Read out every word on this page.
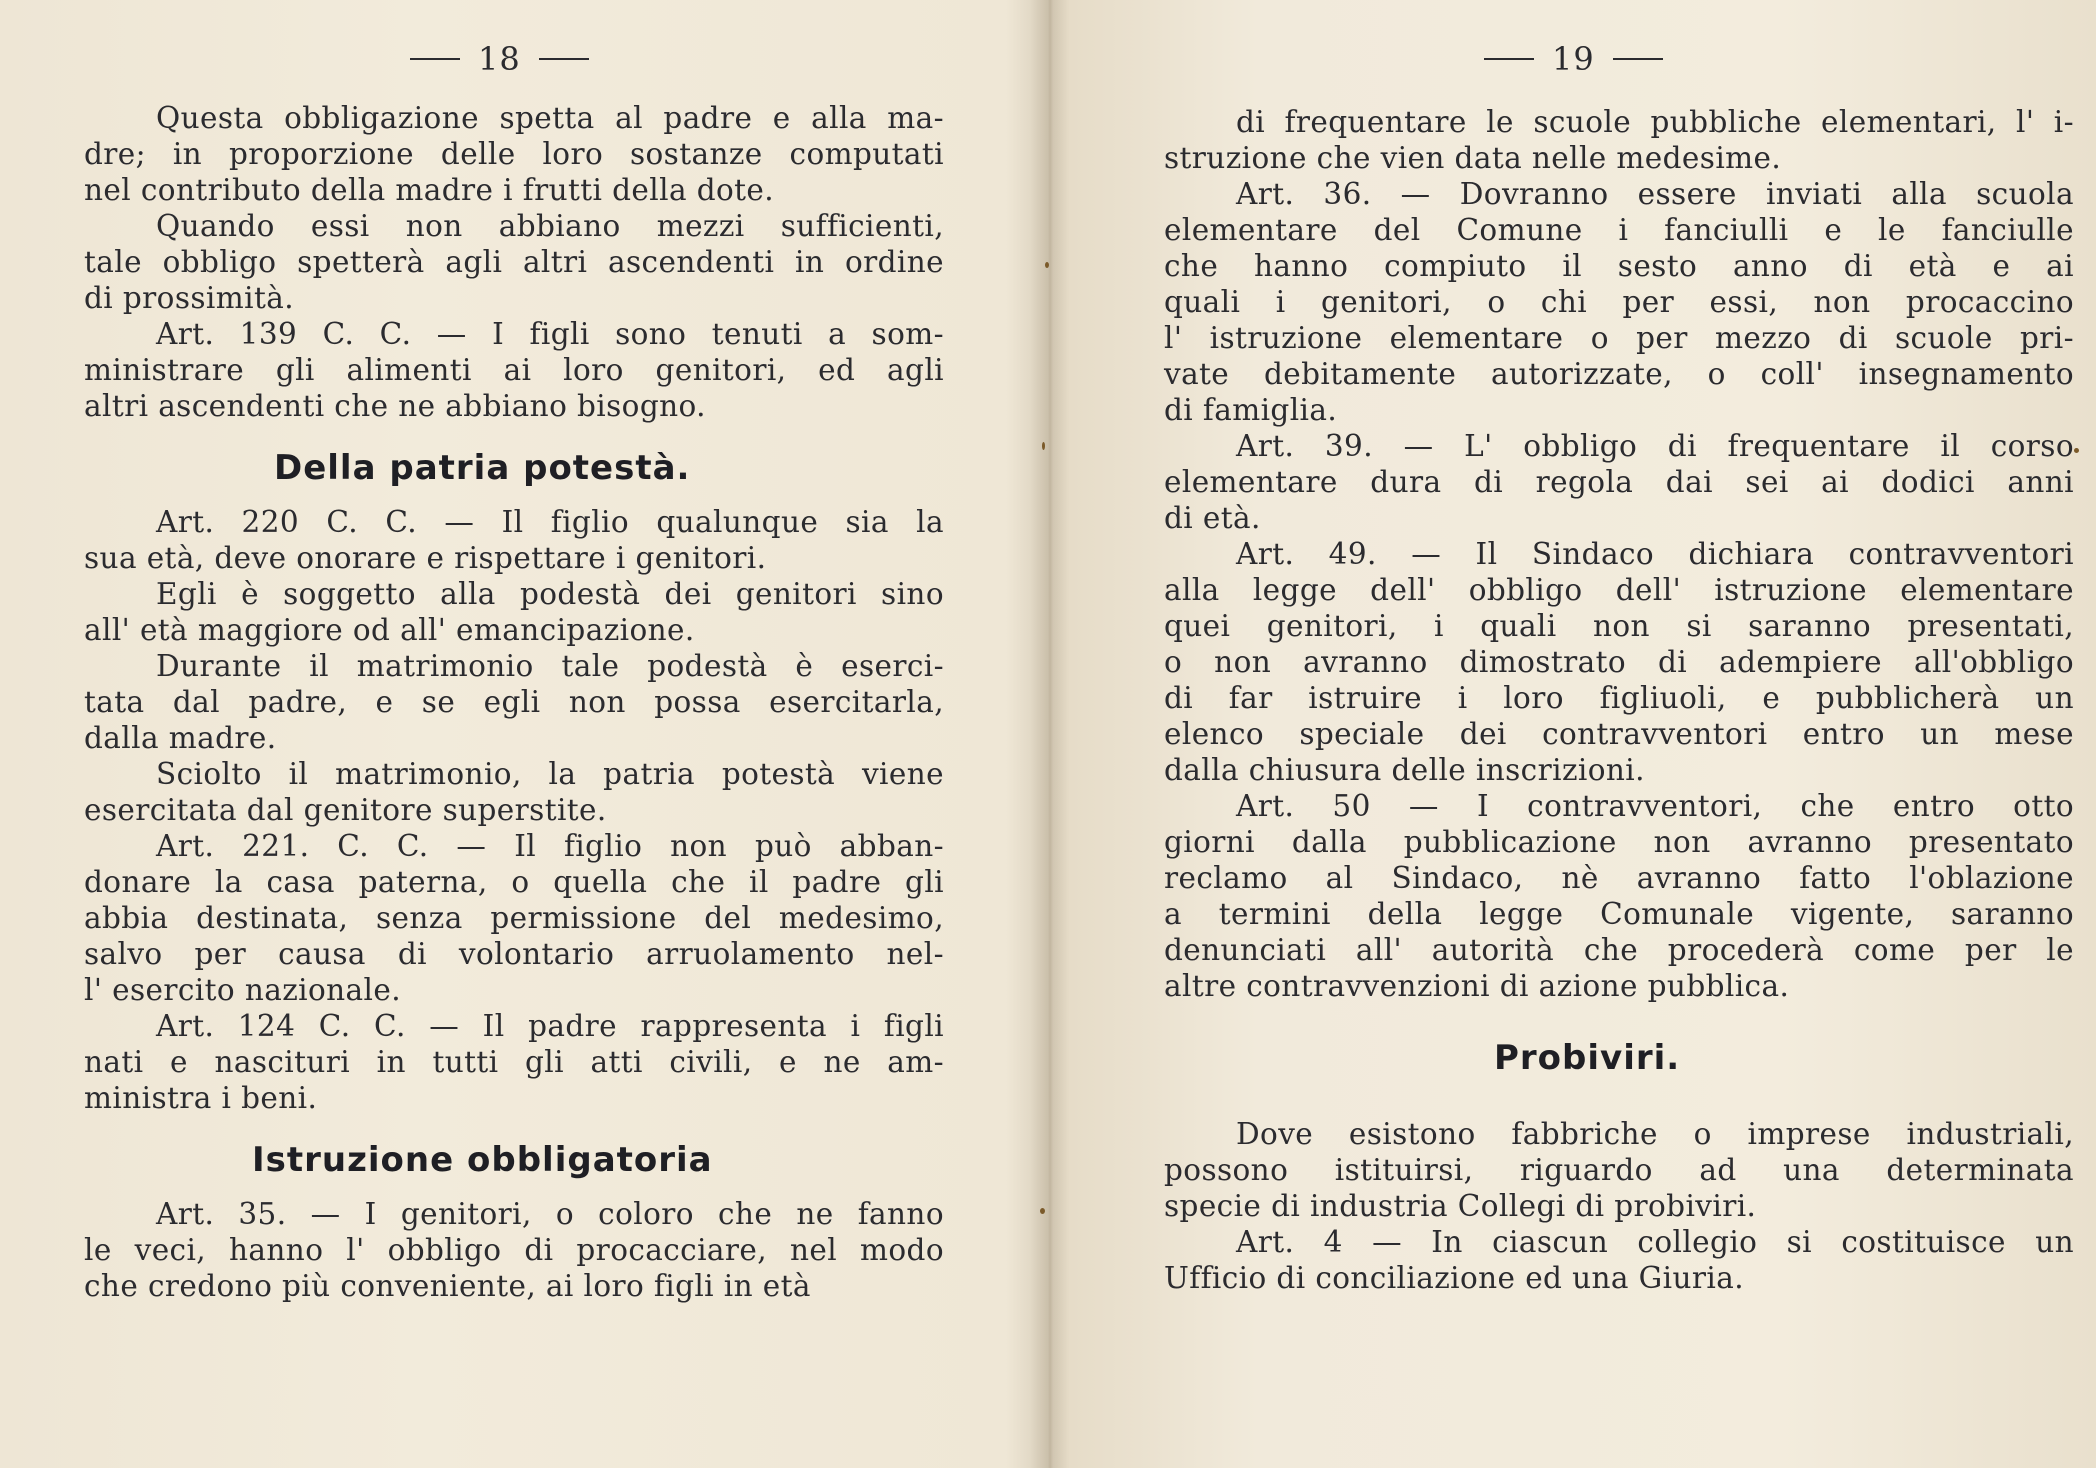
18
Questa obbligazione spetta al padre e alla ma-
dre; in proporzione delle loro sostanze computati
nel contributo della madre i frutti della dote.
Quando essi non abbiano mezzi sufficienti,
tale obbligo spetterà agli altri ascendenti in ordine
di prossimità.
Art. 139 C. C. — I figli sono tenuti a som-
ministrare gli alimenti ai loro genitori, ed agli
altri ascendenti che ne abbiano bisogno.
Della patria potestà.
Art. 220 C. C. — Il figlio qualunque sia la
sua età, deve onorare e rispettare i genitori.
Egli è soggetto alla podestà dei genitori sino
all' età maggiore od all' emancipazione.
Durante il matrimonio tale podestà è eserci-
tata dal padre, e se egli non possa esercitarla,
dalla madre.
Sciolto il matrimonio, la patria potestà viene
esercitata dal genitore superstite.
Art. 221. C. C. — Il figlio non può abban-
donare la casa paterna, o quella che il padre gli
abbia destinata, senza permissione del medesimo,
salvo per causa di volontario arruolamento nel-
l' esercito nazionale.
Art. 124 C. C. — Il padre rappresenta i figli
nati e nascituri in tutti gli atti civili, e ne am-
ministra i beni.
Istruzione obbligatoria
Art. 35. — I genitori, o coloro che ne fanno
le veci, hanno l' obbligo di procacciare, nel modo
che credono più conveniente, ai loro figli in età
19
di frequentare le scuole pubbliche elementari, l' i-
struzione che vien data nelle medesime.
Art. 36. — Dovranno essere inviati alla scuola
elementare del Comune i fanciulli e le fanciulle
che hanno compiuto il sesto anno di età e ai
quali i genitori, o chi per essi, non procaccino
l' istruzione elementare o per mezzo di scuole pri-
vate debitamente autorizzate, o coll' insegnamento
di famiglia.
Art. 39. — L' obbligo di frequentare il corso
elementare dura di regola dai sei ai dodici anni
di età.
Art. 49. — Il Sindaco dichiara contravventori
alla legge dell' obbligo dell' istruzione elementare
quei genitori, i quali non si saranno presentati,
o non avranno dimostrato di adempiere all'obbligo
di far istruire i loro figliuoli, e pubblicherà un
elenco speciale dei contravventori entro un mese
dalla chiusura delle inscrizioni.
Art. 50 — I contravventori, che entro otto
giorni dalla pubblicazione non avranno presentato
reclamo al Sindaco, nè avranno fatto l'oblazione
a termini della legge Comunale vigente, saranno
denunciati all' autorità che procederà come per le
altre contravvenzioni di azione pubblica.
Probiviri.
Dove esistono fabbriche o imprese industriali,
possono istituirsi, riguardo ad una determinata
specie di industria Collegi di probiviri.
Art. 4 — In ciascun collegio si costituisce un
Ufficio di conciliazione ed una Giuria.
